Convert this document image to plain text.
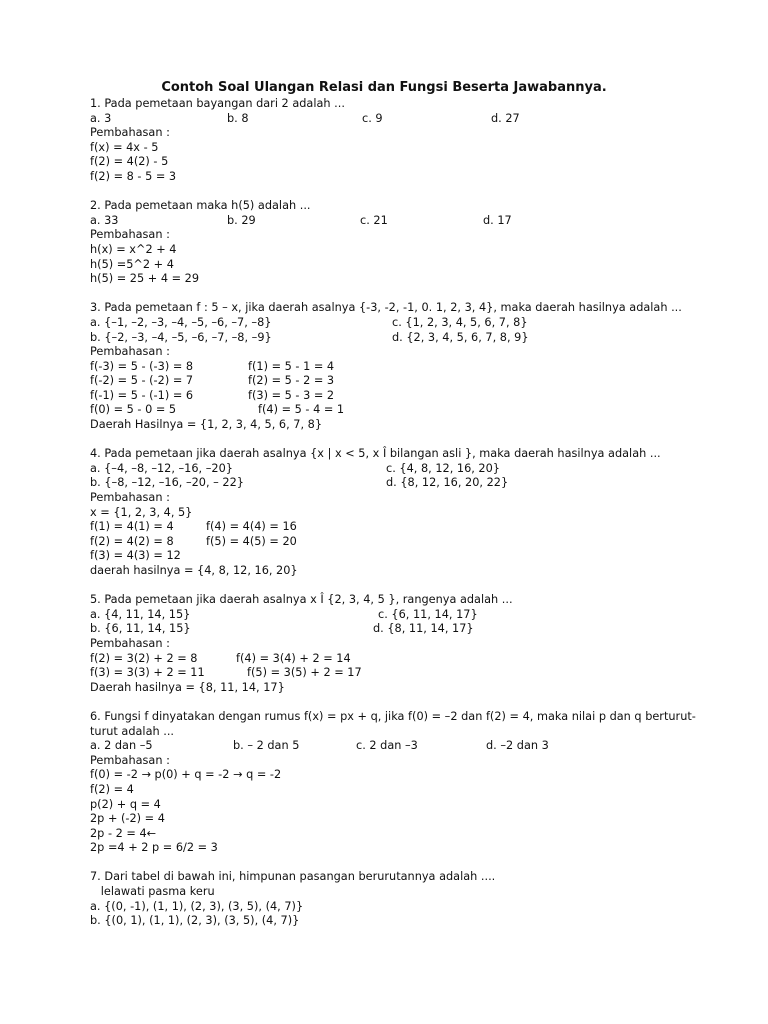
Contoh Soal Ulangan Relasi dan Fungsi Beserta Jawabannya.
1. Pada pemetaan bayangan dari 2 adalah ...
a. 3	b. 8	c. 9	d. 27
Pembahasan :
f(x) = 4x - 5
f(2) = 4(2) - 5
f(2) = 8 - 5 = 3
2. Pada pemetaan maka h(5) adalah ...
a. 33	b. 29	c. 21	d. 17
Pembahasan :
h(x) = x^2 + 4
h(5) =5^2 + 4
h(5) = 25 + 4 = 29
3. Pada pemetaan f : 5 – x, jika daerah asalnya {-3, -2, -1, 0. 1, 2, 3, 4}, maka daerah hasilnya adalah ...
a. {–1, –2, –3, –4, –5, –6, –7, –8}	c. {1, 2, 3, 4, 5, 6, 7, 8}
b. {–2, –3, –4, –5, –6, –7, –8, –9}	d. {2, 3, 4, 5, 6, 7, 8, 9}
Pembahasan :
f(-3) = 5 - (-3) = 8	f(1) = 5 - 1 = 4
f(-2) = 5 - (-2) = 7	f(2) = 5 - 2 = 3
f(-1) = 5 - (-1) = 6	f(3) = 5 - 3 = 2
f(0) = 5 - 0 = 5	f(4) = 5 - 4 = 1
Daerah Hasilnya = {1, 2, 3, 4, 5, 6, 7, 8}
4. Pada pemetaan jika daerah asalnya {x | x < 5, x Î bilangan asli }, maka daerah hasilnya adalah ...
a. {–4, –8, –12, –16, –20}	c. {4, 8, 12, 16, 20}
b. {–8, –12, –16, –20, – 22}	d. {8, 12, 16, 20, 22}
Pembahasan :
x = {1, 2, 3, 4, 5}
f(1) = 4(1) = 4	f(4) = 4(4) = 16
f(2) = 4(2) = 8	f(5) = 4(5) = 20
f(3) = 4(3) = 12
daerah hasilnya = {4, 8, 12, 16, 20}
5. Pada pemetaan jika daerah asalnya x Î {2, 3, 4, 5 }, rangenya adalah ...
a. {4, 11, 14, 15}	c. {6, 11, 14, 17}
b. {6, 11, 14, 15}	d. {8, 11, 14, 17}
Pembahasan :
f(2) = 3(2) + 2 = 8	f(4) = 3(4) + 2 = 14
f(3) = 3(3) + 2 = 11	f(5) = 3(5) + 2 = 17
Daerah hasilnya = {8, 11, 14, 17}
6. Fungsi f dinyatakan dengan rumus f(x) = px + q, jika f(0) = –2 dan f(2) = 4, maka nilai p dan q berturut-
turut adalah ...
a. 2 dan –5	b. – 2 dan 5	c. 2 dan –3	d. –2 dan 3
Pembahasan :
f(0) = -2 → p(0) + q = -2 → q = -2
f(2) = 4
p(2) + q = 4
2p + (-2) = 4
2p - 2 = 4←
2p =4 + 2 p = 6/2 = 3
7. Dari tabel di bawah ini, himpunan pasangan berurutannya adalah ....
lelawati pasma keru
a. {(0, -1), (1, 1), (2, 3), (3, 5), (4, 7)}
b. {(0, 1), (1, 1), (2, 3), (3, 5), (4, 7)}
